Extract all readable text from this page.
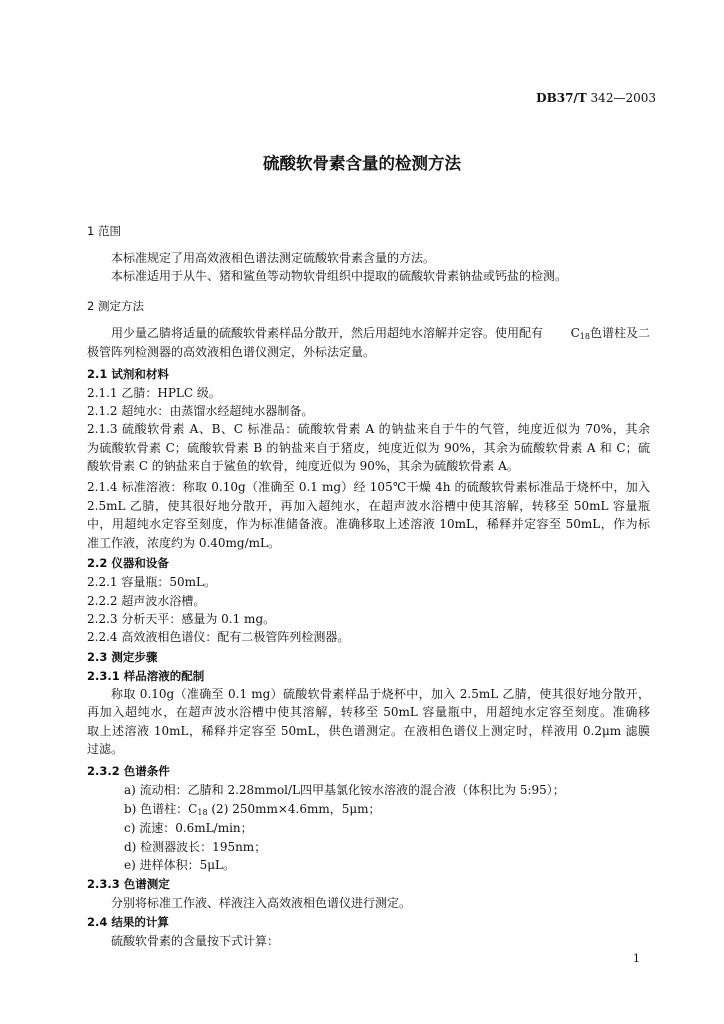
DB37/T 342—2003
硫酸软骨素含量的检测方法

1 范围

本标准规定了用高效液相色谱法测定硫酸软骨素含量的方法。

本标准适用于从牛、猪和鲨鱼等动物软骨组织中提取的硫酸软骨素钠盐或钙盐的检测。

2 测定方法

用少量乙腈将适量的硫酸软骨素样品分散开，然后用超纯水溶解并定容。使用配有 $C_{18}$色谱柱及二

极管阵列检测器的高效液相色谱仪测定，外标法定量。

2.1 试剂和材料

2.1.1 乙腈：HPLC 级。

2.1.2 超纯水：由蒸馏水经超纯水器制备。

2.1.3 硫酸软骨素 A、B、C 标准品：硫酸软骨素 A 的钠盐来自于牛的气管，纯度近似为 70%，其余

为硫酸软骨素 C；硫酸软骨素 B 的钠盐来自于猪皮，纯度近似为 90%，其余为硫酸软骨素 A 和 C；硫

酸软骨素 C 的钠盐来自于鲨鱼的软骨，纯度近似为 90%，其余为硫酸软骨素 A。

2.1.4 标准溶液：称取 0.10g（准确至 0.1 mg）经 105℃干燥 4h 的硫酸软骨素标准品于烧杯中，加入

2.5mL 乙腈，使其很好地分散开，再加入超纯水，在超声波水浴槽中使其溶解，转移至 50mL 容量瓶

中，用超纯水定容至刻度，作为标准储备液。准确移取上述溶液 10mL，稀释并定容至 50mL，作为标

准工作液，浓度约为 0.40mg/mL。

2.2 仪器和设备

2.2.1 容量瓶：50mL。

2.2.2 超声波水浴槽。

2.2.3 分析天平：感量为 0.1 mg。

2.2.4 高效液相色谱仪：配有二极管阵列检测器。

2.3 测定步骤

2.3.1 样品溶液的配制

称取 0.10g（准确至 0.1 mg）硫酸软骨素样品于烧杯中，加入 2.5mL 乙腈，使其很好地分散开，

再加入超纯水，在超声波水浴槽中使其溶解，转移至 50mL 容量瓶中，用超纯水定容至刻度。准确移

取上述溶液 10mL，稀释并定容至 50mL，供色谱测定。在液相色谱仪上测定时，样液用 0.2μm 滤膜

过滤。

2.3.2 色谱条件

a) 流动相：乙腈和 2.28mmol/L四甲基氯化铵水溶液的混合液（体积比为 5:95）；

b) 色谱柱：$C_{18}$ (2) 250mm×4.6mm，5μm；

c) 流速：0.6mL/min；

d) 检测器波长：195nm；

e) 进样体积：5μL。

2.3.3 色谱测定

分别将标准工作液、样液注入高效液相色谱仪进行测定。

2.4 结果的计算

硫酸软骨素的含量按下式计算：

1
